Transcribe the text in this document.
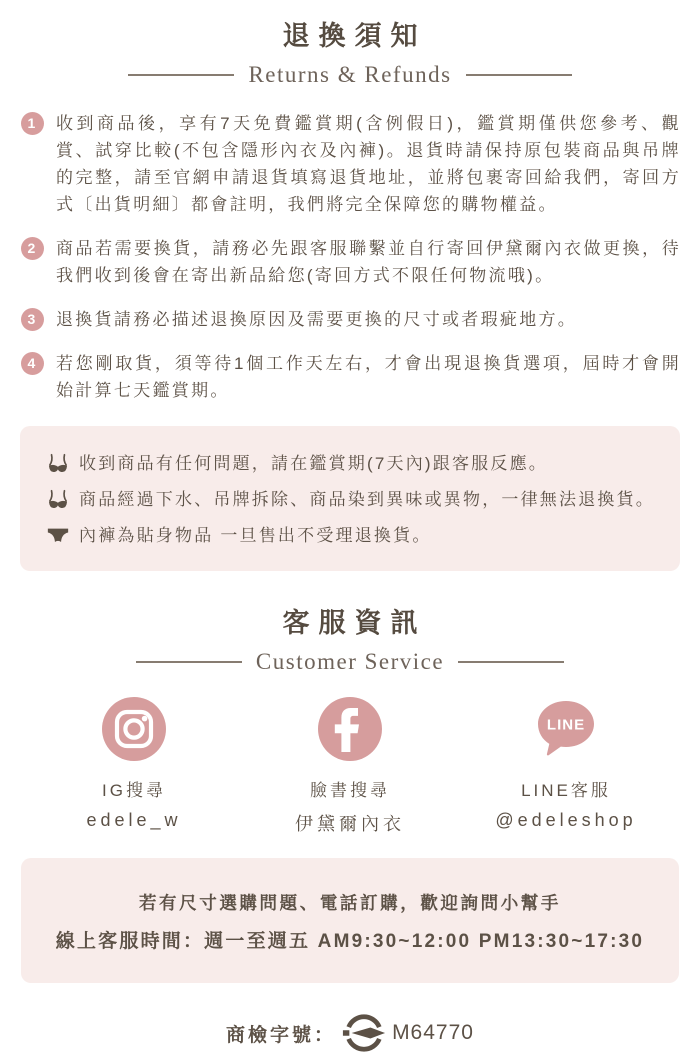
退換須知
Returns & Refunds
1	收到商品後，享有7天免費鑑賞期(含例假日)，鑑賞期僅供您參考、觀賞、試穿比較(不包含隱形內衣及內褲)。退貨時請保持原包裝商品與吊牌的完整，請至官網申請退貨填寫退貨地址，並將包裹寄回給我們，寄回方式〔出貨明細〕都會註明，我們將完全保障您的購物權益。
2	商品若需要換貨，請務必先跟客服聯繫並自行寄回伊黛爾內衣做更換，待我們收到後會在寄出新品給您(寄回方式不限任何物流哦)。
3	退換貨請務必描述退換原因及需要更換的尺寸或者瑕疵地方。
4	若您剛取貨，須等待1個工作天左右，才會出現退換貨選項，屆時才會開始計算七天鑑賞期。
收到商品有任何問題，請在鑑賞期(7天內)跟客服反應。
商品經過下水、吊牌拆除、商品染到異味或異物，一律無法退換貨。
內褲為貼身物品 一旦售出不受理退換貨。
客服資訊
Customer Service
IG搜尋
edele_w
臉書搜尋
伊黛爾內衣
LINE
LINE客服
@edeleshop
若有尺寸選購問題、電話訂購，歡迎詢問小幫手
線上客服時間：週一至週五 AM9:30~12:00 PM13:30~17:30
商檢字號：	M64770
